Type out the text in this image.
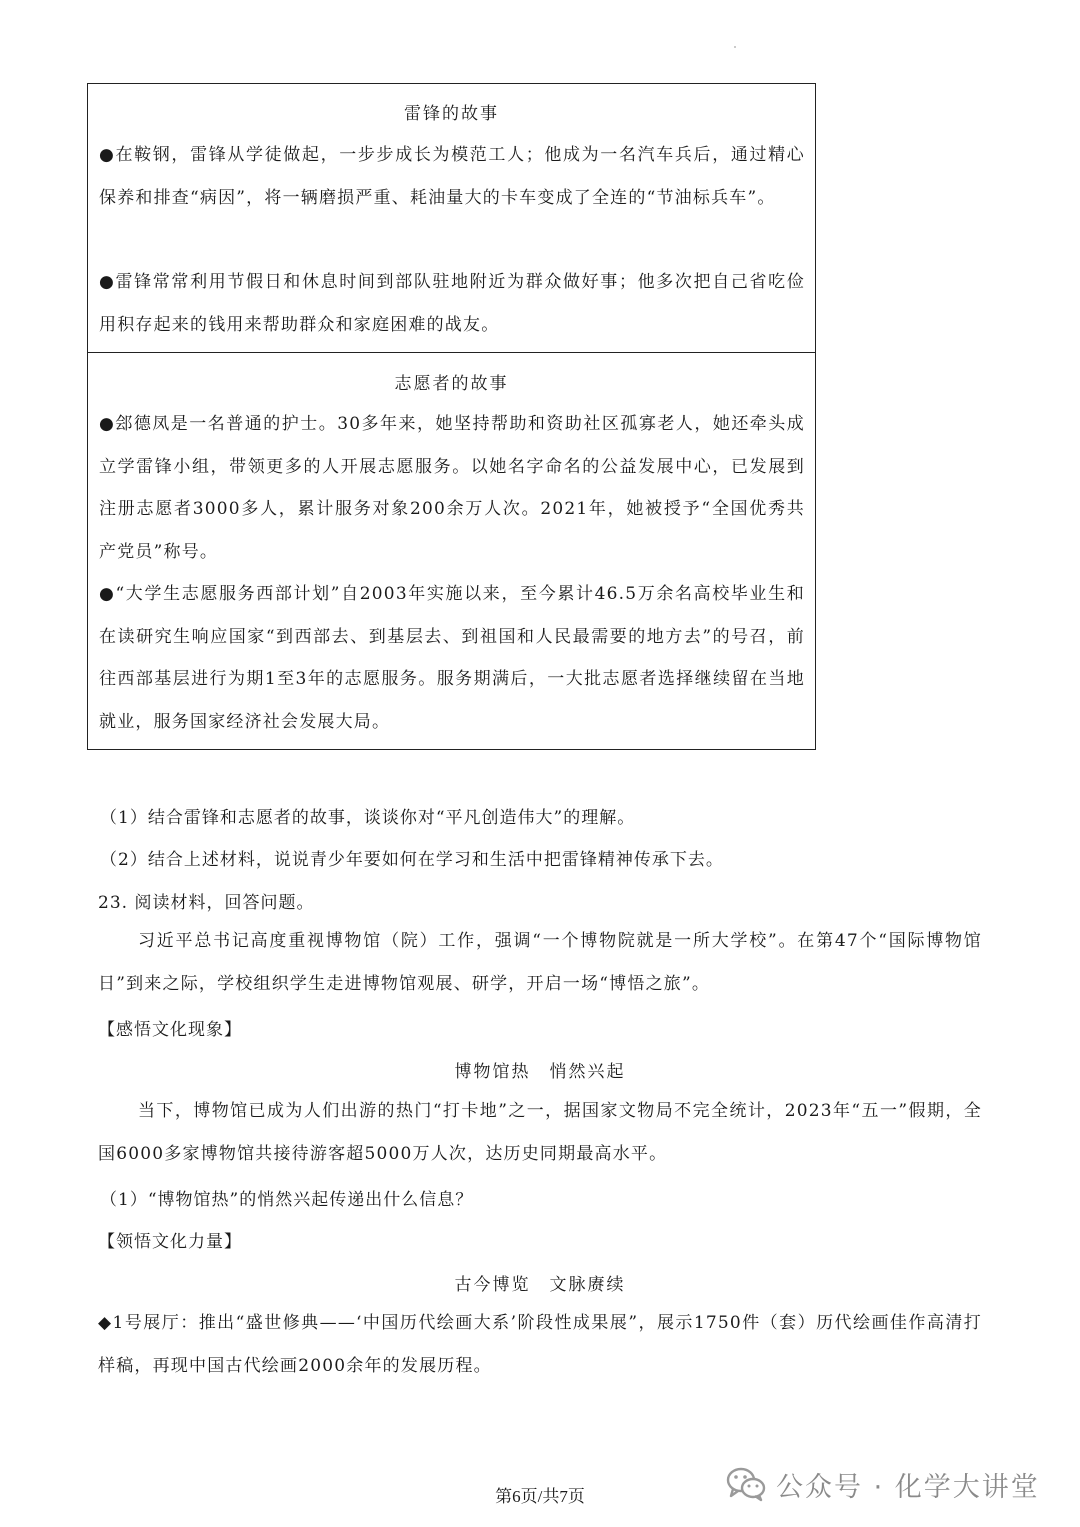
雷锋的故事

●在鞍钢，雷锋从学徒做起，一步步成长为模范工人；他成为一名汽车兵后，通过精心保养和排查“病因”，将一辆磨损严重、耗油量大的卡车变成了全连的“节油标兵车”。

●雷锋常常利用节假日和休息时间到部队驻地附近为群众做好事；他多次把自己省吃俭用积存起来的钱用来帮助群众和家庭困难的战友。

志愿者的故事

●郐德凤是一名普通的护士。30多年来，她坚持帮助和资助社区孤寡老人，她还牵头成立学雷锋小组，带领更多的人开展志愿服务。以她名字命名的公益发展中心，已发展到注册志愿者3000多人，累计服务对象200余万人次。2021年，她被授予“全国优秀共产党员”称号。

●“大学生志愿服务西部计划”自2003年实施以来，至今累计46.5万余名高校毕业生和在读研究生响应国家“到西部去、到基层去、到祖国和人民最需要的地方去”的号召，前往西部基层进行为期1至3年的志愿服务。服务期满后，一大批志愿者选择继续留在当地就业，服务国家经济社会发展大局。

（1）结合雷锋和志愿者的故事，谈谈你对“平凡创造伟大”的理解。
（2）结合上述材料，说说青少年要如何在学习和生活中把雷锋精神传承下去。
23. 阅读材料，回答问题。

习近平总书记高度重视博物馆（院）工作，强调“一个博物院就是一所大学校”。在第47个“国际博物馆日”到来之际，学校组织学生走进博物馆观展、研学，开启一场“博悟之旅”。

【感悟文化现象】
博物馆热　悄然兴起

当下，博物馆已成为人们出游的热门“打卡地”之一，据国家文物局不完全统计，2023年“五一”假期，全国6000多家博物馆共接待游客超5000万人次，达历史同期最高水平。

（1）“博物馆热”的悄然兴起传递出什么信息？
【领悟文化力量】
古今博览　文脉赓续

◆1号展厅：推出“盛世修典——‘中国历代绘画大系’阶段性成果展”，展示1750件（套）历代绘画佳作高清打样稿，再现中国古代绘画2000余年的发展历程。

第6页/共7页	公众号 · 化学大讲堂
